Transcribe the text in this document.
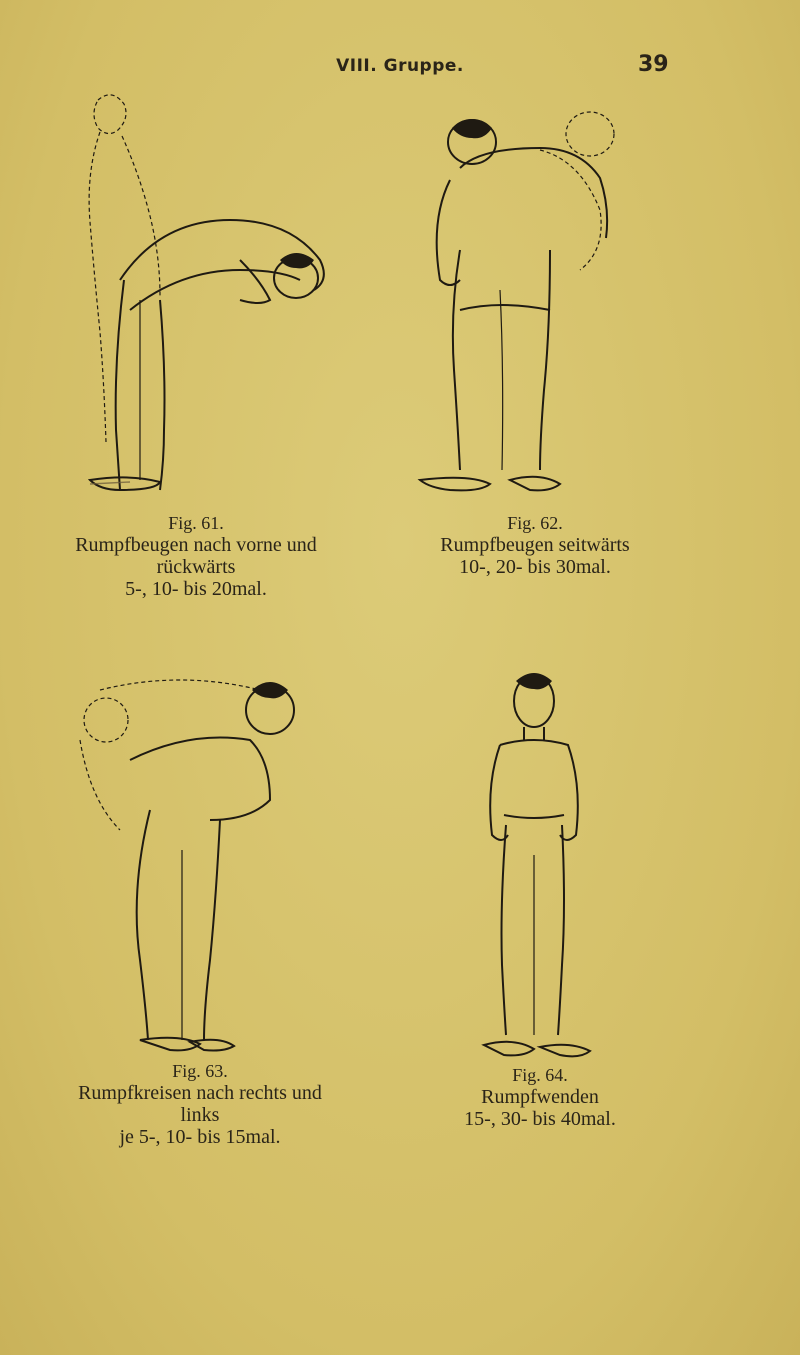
VIII. Gruppe.	39
Fig. 61.
Rumpfbeugen nach vorne und
rückwärts
5-, 10- bis 20mal.
Fig. 62.
Rumpfbeugen seitwärts
10-, 20- bis 30mal.
Fig. 63.
Rumpfkreisen nach rechts und
links
je 5-, 10- bis 15mal.
Fig. 64.
Rumpfwenden
15-, 30- bis 40mal.
